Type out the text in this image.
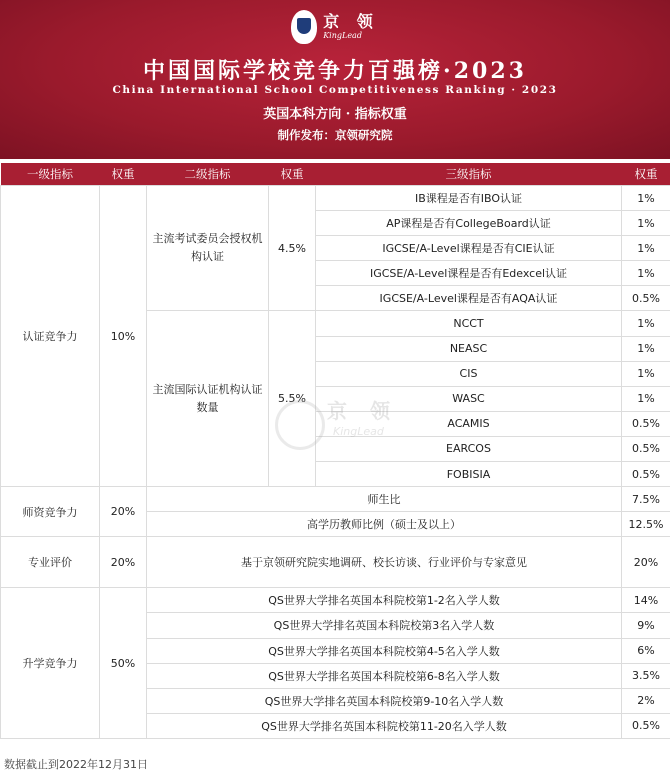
京 领
KingLead
中国国际学校竞争力百强榜·2023
China International School Competitiveness Ranking · 2023
英国本科方向 · 指标权重
制作发布：京领研究院
一级指标	权重	二级指标	权重	三级指标	权重
认证竞争力	10%	主流考试委员会授权机构认证	4.5%	IB课程是否有IBO认证	1%
				AP课程是否有CollegeBoard认证	1%
				IGCSE/A-Level课程是否有CIE认证	1%
				IGCSE/A-Level课程是否有Edexcel认证	1%
				IGCSE/A-Level课程是否有AQA认证	0.5%
		主流国际认证机构认证数量	5.5%	NCCT	1%
				NEASC	1%
				CIS	1%
				WASC	1%
				ACAMIS	0.5%
				EARCOS	0.5%
				FOBISIA	0.5%
师资竞争力	20%	师生比			7.5%
		高学历教师比例（硕士及以上）			12.5%
专业评价	20%	基于京领研究院实地调研、校长访谈、行业评价与专家意见			20%
升学竞争力	50%	QS世界大学排名英国本科院校第1-2名入学人数			14%
		QS世界大学排名英国本科院校第3名入学人数			9%
		QS世界大学排名英国本科院校第4-5名入学人数			6%
		QS世界大学排名英国本科院校第6-8名入学人数			3.5%
		QS世界大学排名英国本科院校第9-10名入学人数			2%
		QS世界大学排名英国本科院校第11-20名入学人数			0.5%
京 领
KingLead
数据截止到2022年12月31日
